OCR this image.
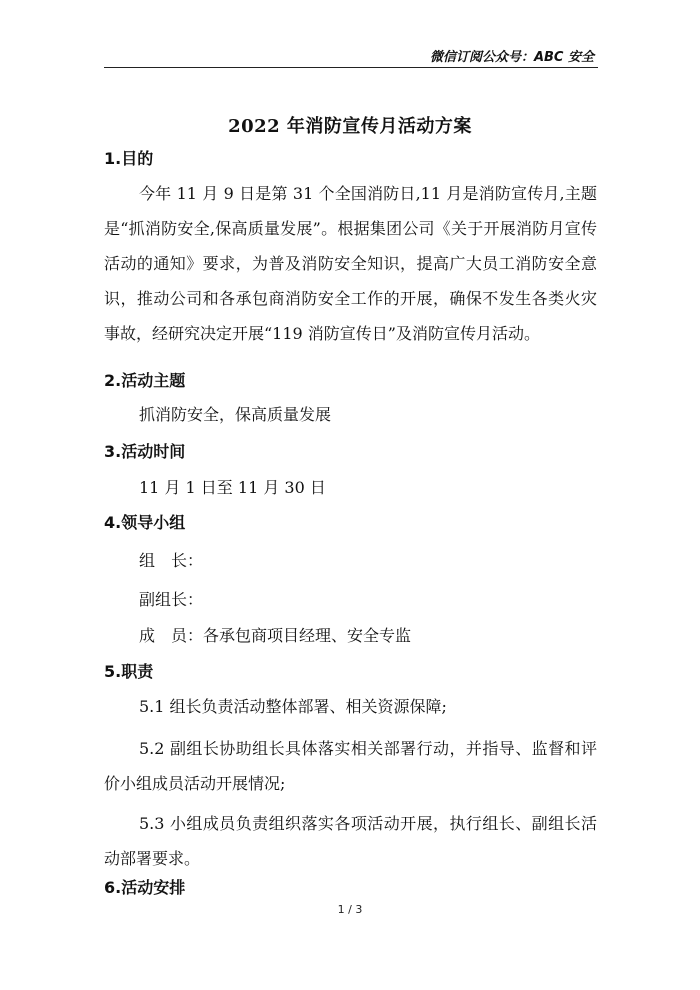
微信订阅公众号：ABC 安全
2022 年消防宣传月活动方案
1.目的
今年 11 月 9 日是第 31 个全国消防日,11 月是消防宣传月,主题是“抓消防安全,保高质量发展”。根据集团公司《关于开展消防月宣传活动的通知》要求，为普及消防安全知识，提高广大员工消防安全意识，推动公司和各承包商消防安全工作的开展，确保不发生各类火灾事故，经研究决定开展“119 消防宣传日”及消防宣传月活动。
2.活动主题
抓消防安全，保高质量发展
3.活动时间
11 月 1 日至 11 月 30 日
4.领导小组
组　长：
副组长：
成　员：各承包商项目经理、安全专监
5.职责
5.1 组长负责活动整体部署、相关资源保障;
5.2 副组长协助组长具体落实相关部署行动，并指导、监督和评价小组成员活动开展情况;
5.3 小组成员负责组织落实各项活动开展，执行组长、副组长活动部署要求。
6.活动安排
1 / 3
